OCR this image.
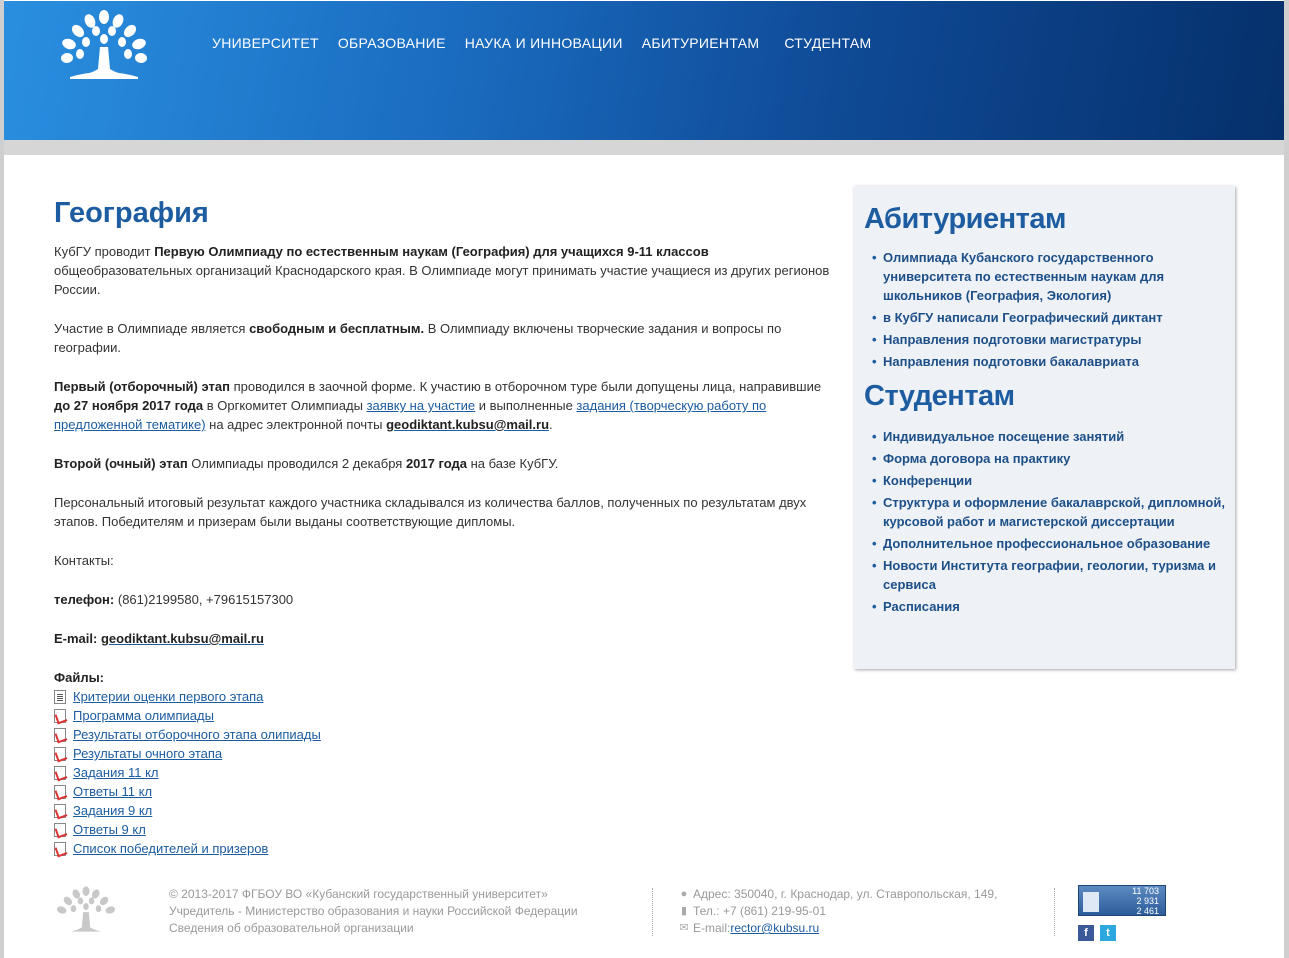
УНИВЕРСИТЕТ ОБРАЗОВАНИЕ НАУКА И ИННОВАЦИИ АБИТУРИЕНТАМ СТУДЕНТАМ
География

КубГУ проводит Первую Олимпиаду по естественным наукам (География) для учащихся 9-11 классов общеобразовательных организаций Краснодарского края. В Олимпиаде могут принимать участие учащиеся из других регионов России.

Участие в Олимпиаде является свободным и бесплатным. В Олимпиаду включены творческие задания и вопросы по географии.

Первый (отборочный) этап проводился в заочной форме. К участию в отборочном туре были допущены лица, направившие до 27 ноября 2017 года в Оргкомитет Олимпиады заявку на участие и выполненные задания (творческую работу по предложенной тематике) на адрес электронной почты geodiktant.kubsu@mail.ru.

Второй (очный) этап Олимпиады проводился 2 декабря 2017 года на базе КубГУ.

Персональный итоговый результат каждого участника складывался из количества баллов, полученных по результатам двух этапов. Победителям и призерам были выданы соответствующие дипломы.

Контакты:

телефон: (861)2199580, +79615157300

E-mail: geodiktant.kubsu@mail.ru

Файлы:
Критерии оценки первого этапа
Программа олимпиады
Результаты отборочного этапа олипиады
Результаты очного этапа
Задания 11 кл
Ответы 11 кл
Задания 9 кл
Ответы 9 кл
Список победителей и призеров
Абитуриентам
• Олимпиада Кубанского государственного университета по естественным наукам для школьников (География, Экология)
• в КубГУ написали Географический диктант
• Направления подготовки магистратуры
• Направления подготовки бакалавриата
Студентам
• Индивидуальное посещение занятий
• Форма договора на практику
• Конференции
• Структура и оформление бакалаврской, дипломной, курсовой работ и магистерской диссертации
• Дополнительное профессиональное образование
• Новости Института географии, геологии, туризма и сервиса
• Расписания
© 2013-2017 ФГБОУ ВО «Кубанский государственный университет»
Учредитель - Министерство образования и науки Российской Федерации
Сведения об образовательной организации
● Адрес: 350040, г. Краснодар, ул. Ставропольская, 149,
▮ Тел.: +7 (861) 219-95-01
✉ E-mail: rector@kubsu.ru
11 703
2 931
2 461
f	t
